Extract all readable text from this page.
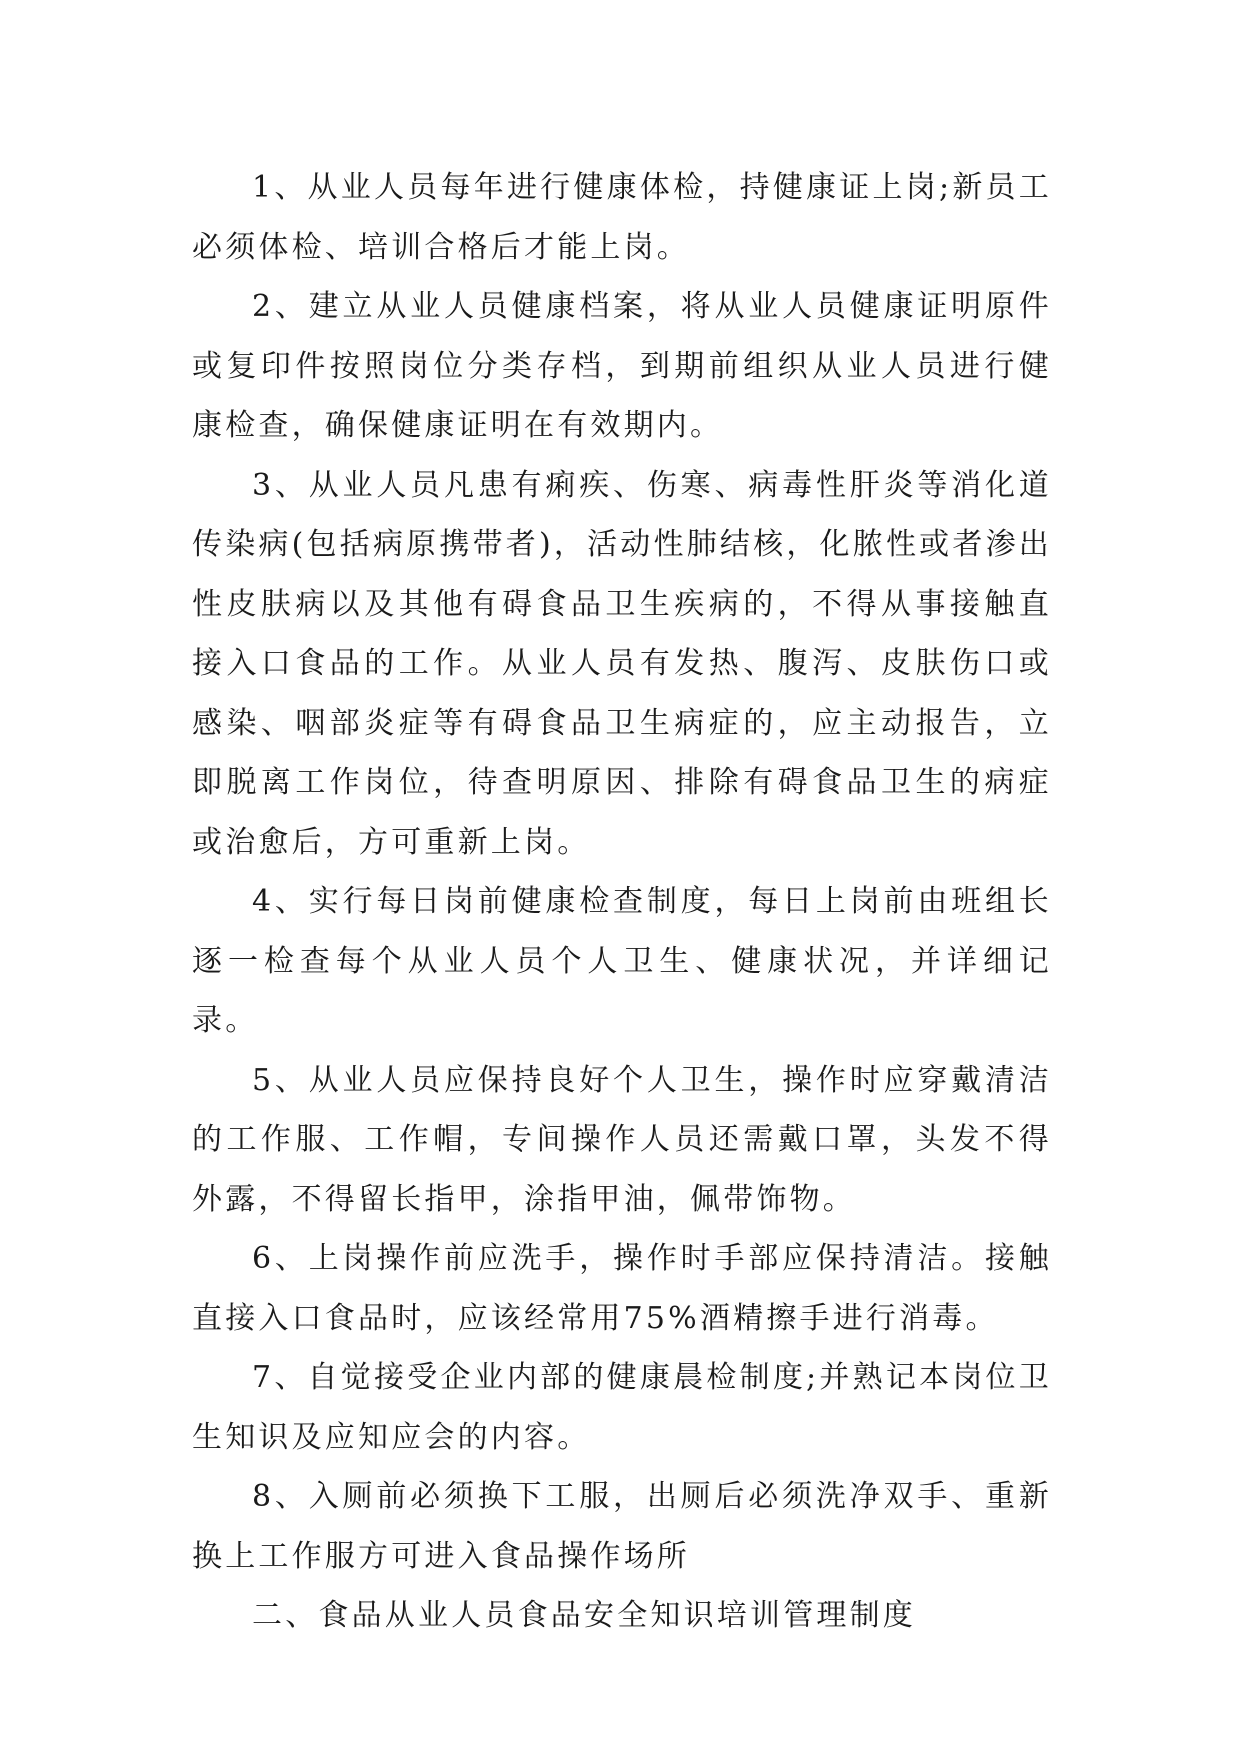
1、从业人员每年进行健康体检，持健康证上岗;新员工必须体检、培训合格后才能上岗。

2、建立从业人员健康档案，将从业人员健康证明原件或复印件按照岗位分类存档，到期前组织从业人员进行健康检查，确保健康证明在有效期内。

3、从业人员凡患有痢疾、伤寒、病毒性肝炎等消化道传染病(包括病原携带者)，活动性肺结核，化脓性或者渗出性皮肤病以及其他有碍食品卫生疾病的，不得从事接触直接入口食品的工作。从业人员有发热、腹泻、皮肤伤口或感染、咽部炎症等有碍食品卫生病症的，应主动报告，立即脱离工作岗位，待查明原因、排除有碍食品卫生的病症或治愈后，方可重新上岗。

4、实行每日岗前健康检查制度，每日上岗前由班组长逐一检查每个从业人员个人卫生、健康状况，并详细记录。

5、从业人员应保持良好个人卫生，操作时应穿戴清洁的工作服、工作帽，专间操作人员还需戴口罩，头发不得外露，不得留长指甲，涂指甲油，佩带饰物。

6、上岗操作前应洗手，操作时手部应保持清洁。接触直接入口食品时，应该经常用75%酒精擦手进行消毒。

7、自觉接受企业内部的健康晨检制度;并熟记本岗位卫生知识及应知应会的内容。

8、入厕前必须换下工服，出厕后必须洗净双手、重新换上工作服方可进入食品操作场所

二、食品从业人员食品安全知识培训管理制度
